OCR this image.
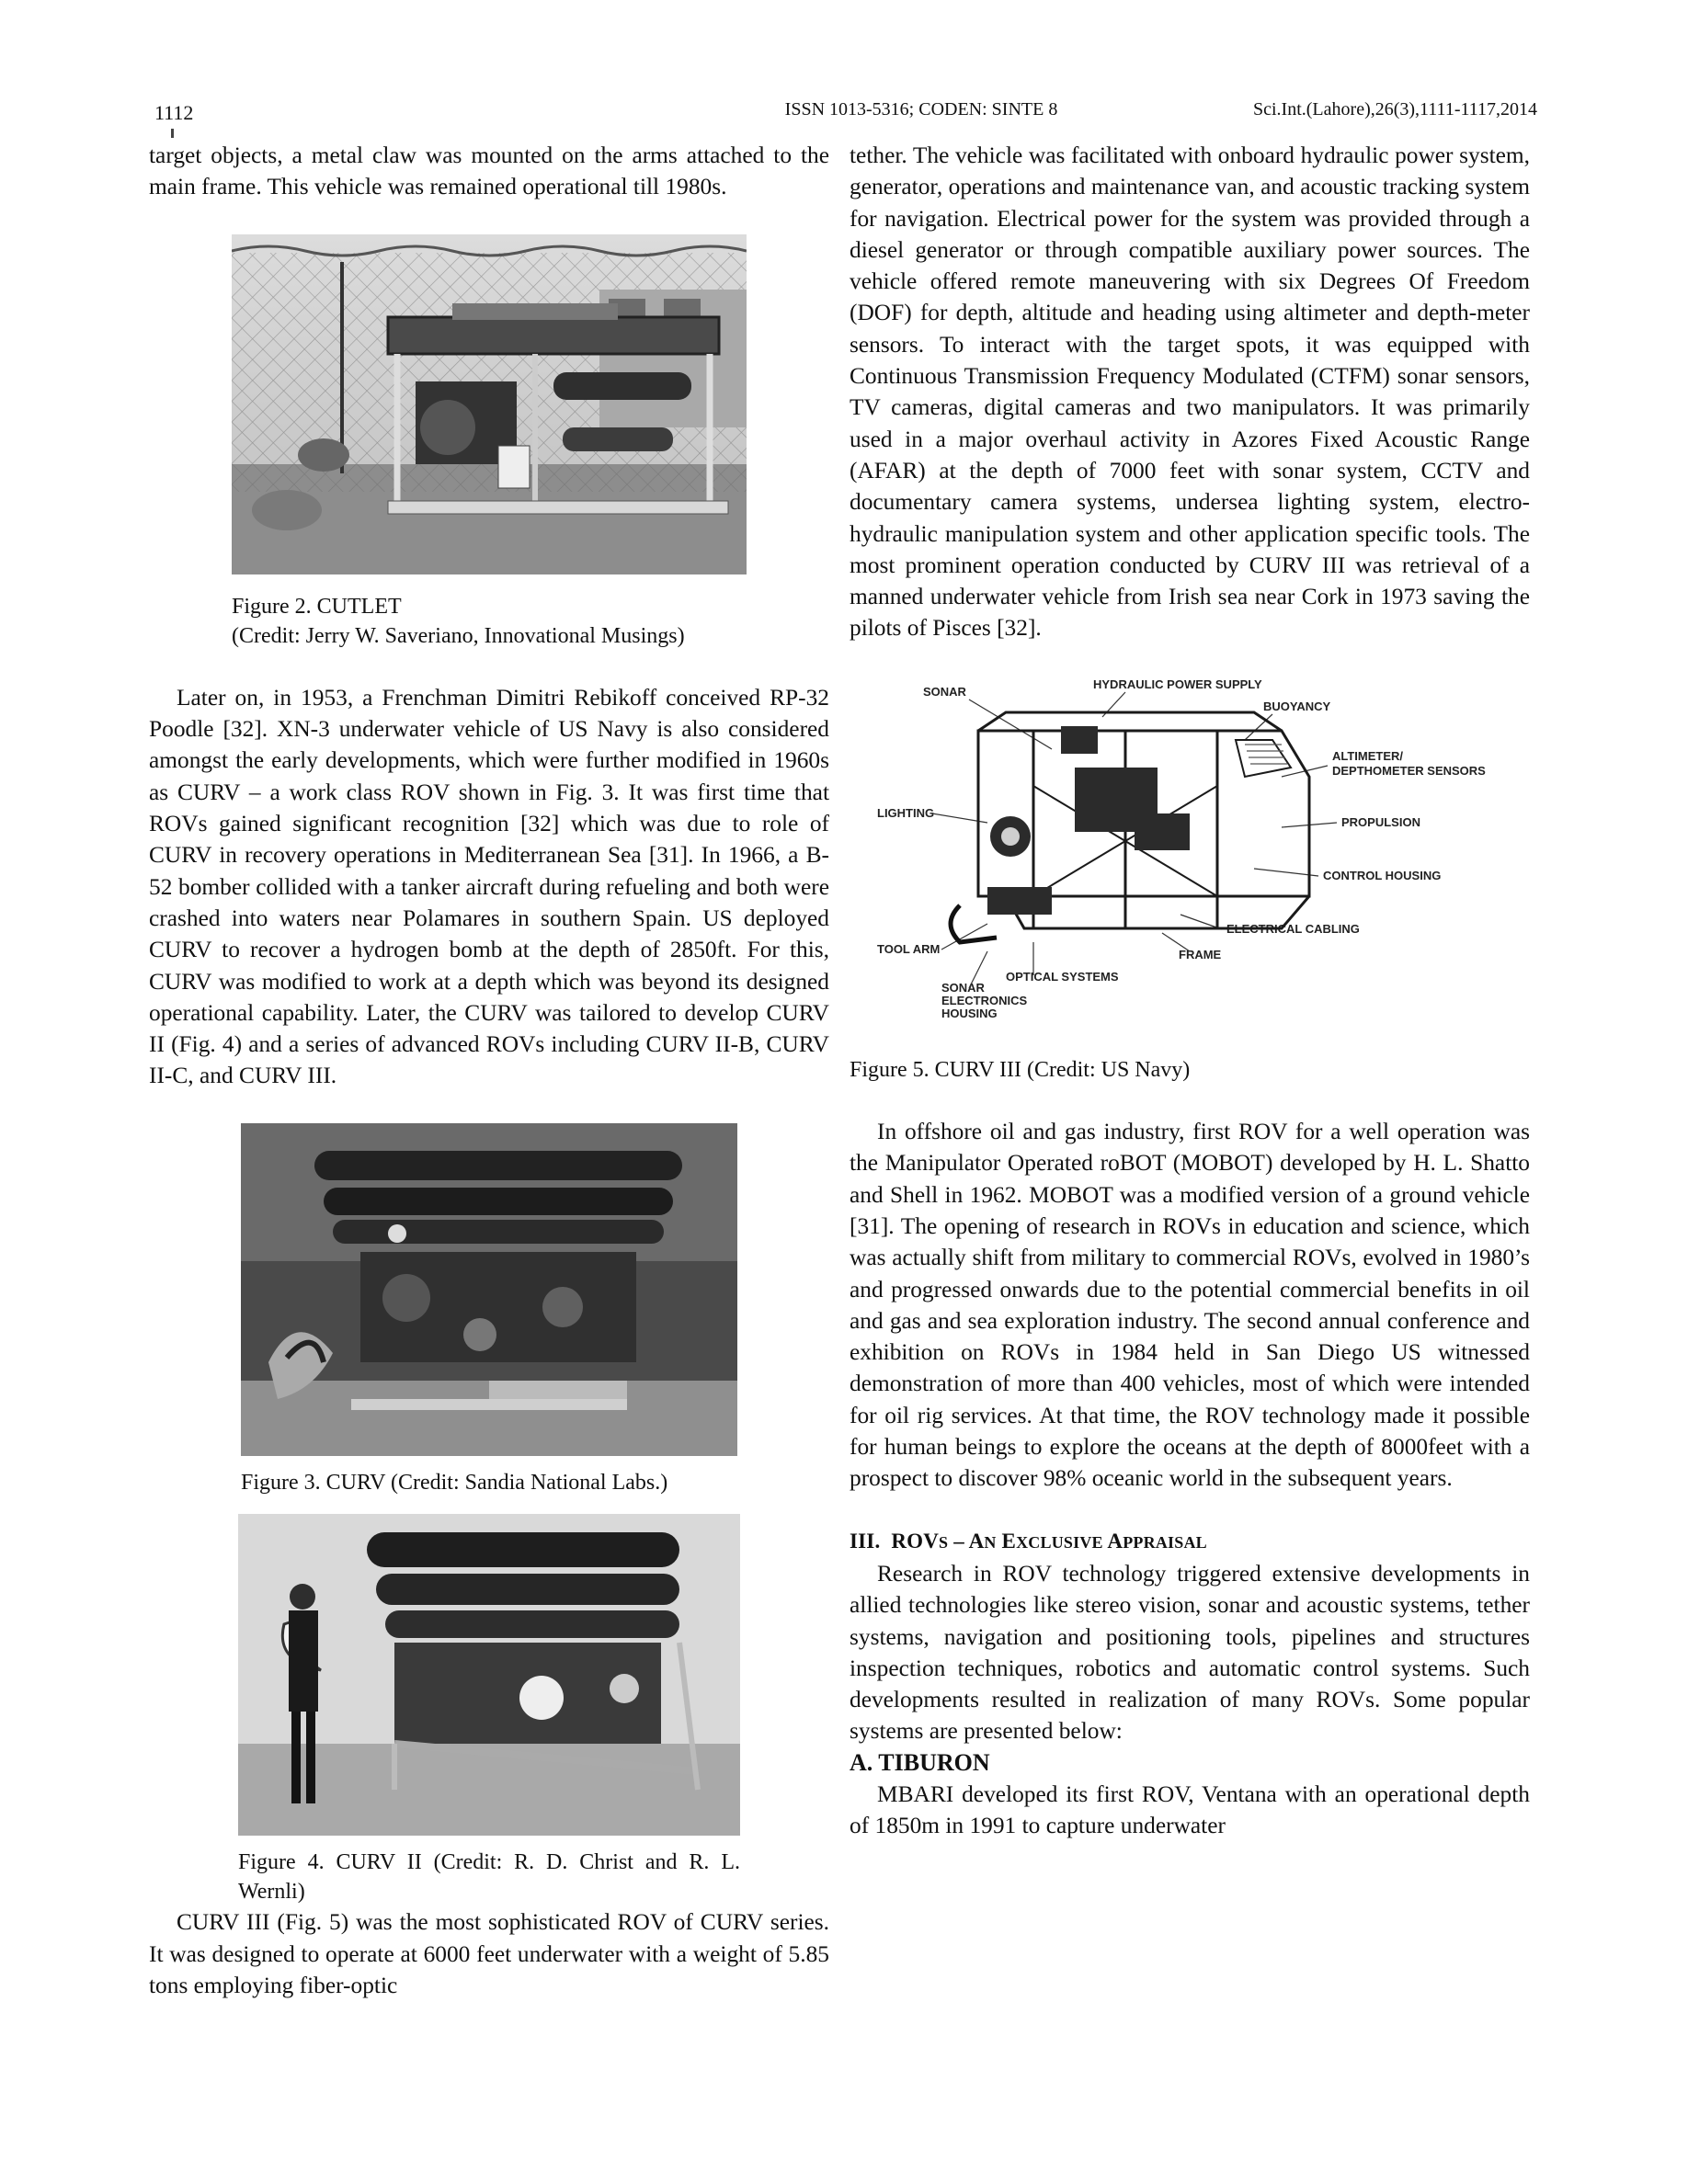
1112	ISSN 1013-5316; CODEN: SINTE 8	Sci.Int.(Lahore),26(3),1111-1117,2014

target objects, a metal claw was mounted on the arms attached to the main frame. This vehicle was remained operational till 1980s.

Figure 2. CUTLET

(Credit: Jerry W. Saveriano, Innovational Musings)

Later on, in 1953, a Frenchman Dimitri Rebikoff conceived RP-32 Poodle [32]. XN-3 underwater vehicle of US Navy is also considered amongst the early developments, which were further modified in 1960s as CURV – a work class ROV shown in Fig. 3. It was first time that ROVs gained significant recognition [32] which was due to role of CURV in recovery operations in Mediterranean Sea [31]. In 1966, a B-52 bomber collided with a tanker aircraft during refueling and both were crashed into waters near Polamares in southern Spain. US deployed CURV to recover a hydrogen bomb at the depth of 2850ft. For this, CURV was modified to work at a depth which was beyond its designed operational capability. Later, the CURV was tailored to develop CURV II (Fig. 4) and a series of advanced ROVs including CURV II-B, CURV II-C, and CURV III.

Figure 3. CURV (Credit: Sandia National Labs.)

Figure 4. CURV II (Credit: R. D. Christ and R. L. Wernli)

CURV III (Fig. 5) was the most sophisticated ROV of CURV series. It was designed to operate at 6000 feet underwater with a weight of 5.85 tons employing fiber-optic

tether. The vehicle was facilitated with onboard hydraulic power system, generator, operations and maintenance van, and acoustic tracking system for navigation. Electrical power for the system was provided through a diesel generator or through compatible auxiliary power sources. The vehicle offered remote maneuvering with six Degrees Of Freedom (DOF) for depth, altitude and heading using altimeter and depth-meter sensors. To interact with the target spots, it was equipped with Continuous Transmission Frequency Modulated (CTFM) sonar sensors, TV cameras, digital cameras and two manipulators. It was primarily used in a major overhaul activity in Azores Fixed Acoustic Range (AFAR) at the depth of 7000 feet with sonar system, CCTV and documentary camera systems, undersea lighting system, electro-hydraulic manipulation system and other application specific tools. The most prominent operation conducted by CURV III was retrieval of a manned underwater vehicle from Irish sea near Cork in 1973 saving the pilots of Pisces [32].

SONAR
HYDRAULIC POWER SUPPLY
BUOYANCY
ALTIMETER/
DEPTHOMETER SENSORS
LIGHTING
PROPULSION
CONTROL HOUSING
ELECTRICAL CABLING
TOOL ARM	FRAME
OPTICAL SYSTEMS
SONAR
ELECTRONICS
HOUSING

Figure 5. CURV III (Credit: US Navy)

In offshore oil and gas industry, first ROV for a well operation was the Manipulator Operated roBOT (MOBOT) developed by H. L. Shatto and Shell in 1962. MOBOT was a modified version of a ground vehicle [31]. The opening of research in ROVs in education and science, which was actually shift from military to commercial ROVs, evolved in 1980’s and progressed onwards due to the potential commercial benefits in oil and gas and sea exploration industry. The second annual conference and exhibition on ROVs in 1984 held in San Diego US witnessed demonstration of more than 400 vehicles, most of which were intended for oil rig services. At that time, the ROV technology made it possible for human beings to explore the oceans at the depth of 8000feet with a prospect to discover 98% oceanic world in the subsequent years.

III. ROVS – AN EXCLUSIVE APPRAISAL

Research in ROV technology triggered extensive developments in allied technologies like stereo vision, sonar and acoustic systems, tether systems, navigation and positioning tools, pipelines and structures inspection techniques, robotics and automatic control systems. Such developments resulted in realization of many ROVs. Some popular systems are presented below:

A. TIBURON

MBARI developed its first ROV, Ventana with an operational depth of 1850m in 1991 to capture underwater
